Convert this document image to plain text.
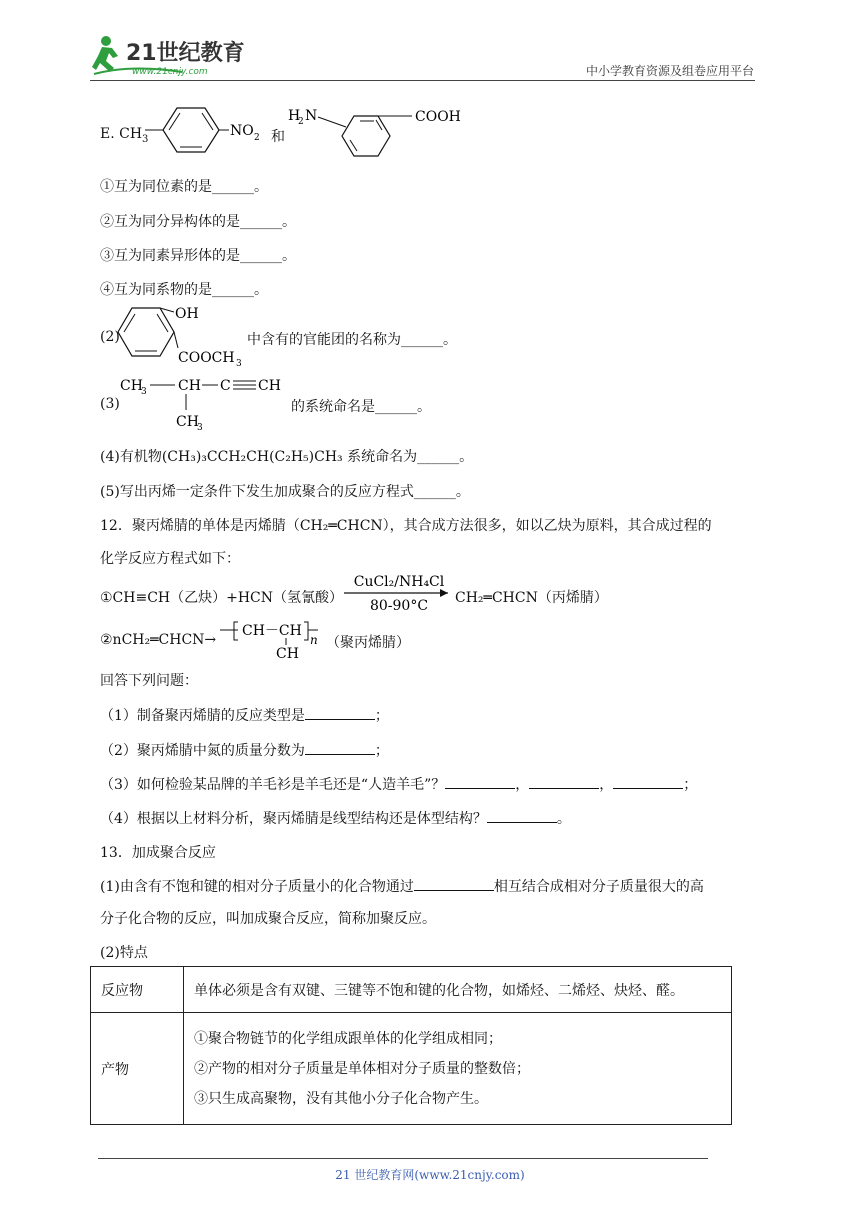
21世纪教育
www.21cnjy.com	中小学教育资源及组卷应用平台
E. $CH_3$
NO 2 和
H
2 N	COOH
①互为同位素的是______。
②互为同分异构体的是______。
③互为同素异形体的是______。
④互为同系物的是______。
(2)
OH
COOCH 3
中含有的官能团的名称为______。
(3)
CH
3 CH C CH
CH
3
的系统命名是______。
(4)有机物(CH₃)₃CCH₂CH(C₂H₅)CH₃ 系统命名为______。
(5)写出丙烯一定条件下发生加成聚合的反应方程式______。
12．聚丙烯腈的单体是丙烯腈（CH₂═CHCN），其合成方法很多，如以乙炔为原料，其合成过程的
化学反应方程式如下：
①CH≡CH（乙炔）+HCN（氢氰酸）
CuCl₂/NH₄Cl
80-90°C CH₂═CHCN（丙烯腈）
②nCH₂═CHCN→
CH－CH
n
CH
（聚丙烯腈）
回答下列问题：
（1）制备聚丙烯腈的反应类型是	；
（2）聚丙烯腈中氮的质量分数为	；
（3）如何检验某品牌的羊毛衫是羊毛还是“人造羊毛”？	，	，	；
（4）根据以上材料分析，聚丙烯腈是线型结构还是体型结构？	。
13．加成聚合反应
(1)由含有不饱和键的相对分子质量小的化合物通过	相互结合成相对分子质量很大的高
分子化合物的反应，叫加成聚合反应，简称加聚反应。
(2)特点
反应物	单体必须是含有双键、三键等不饱和键的化合物，如烯烃、二烯烃、炔烃、醛。
产物	①聚合物链节的化学组成跟单体的化学组成相同；
②产物的相对分子质量是单体相对分子质量的整数倍；
③只生成高聚物，没有其他小分子化合物产生。
21 世纪教育网(www.21cnjy.com)
